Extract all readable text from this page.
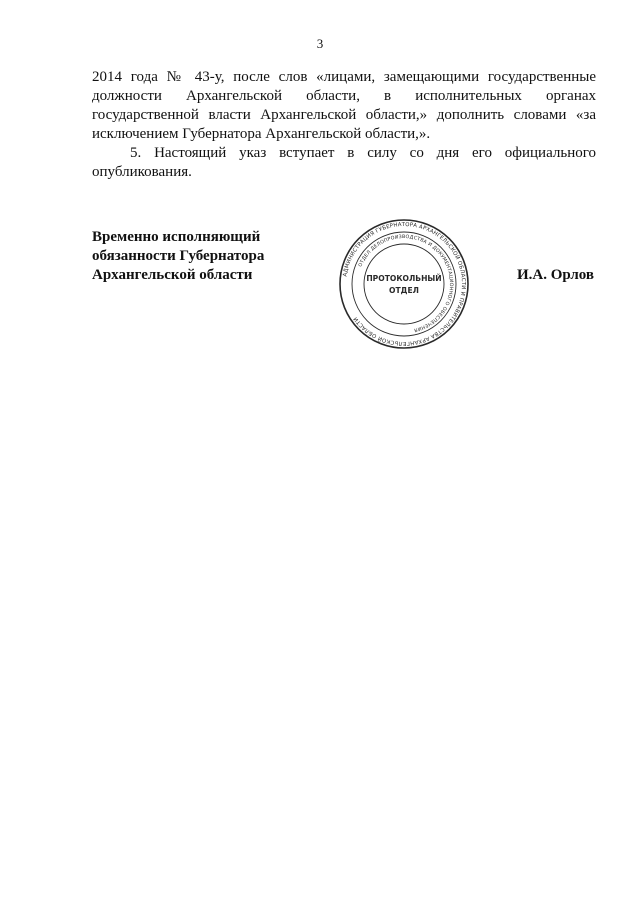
3

2014 года № 43-у, после слов «лицами, замещающими государственные должности Архангельской области, в исполнительных органах государственной власти Архангельской области,» дополнить словами «за исключением Губернатора Архангельской области,».

5. Настоящий указ вступает в силу со дня его официального опубликования.

Временно исполняющий
обязанности Губернатора
Архангельской области	АДМИНИСТРАЦИЯ ГУБЕРНАТОРА АРХАНГЕЛЬСКОЙ ОБЛАСТИ И ПРАВИТЕЛЬСТВА АРХАНГЕЛЬСКОЙ ОБЛАСТИ
ОТДЕЛ ДЕЛОПРОИЗВОДСТВА И ДОКУМЕНТАЦИОННОГО ОБЕСПЕЧЕНИЯ
ПРОТОКОЛЬНЫЙ
ОТДЕЛ
И.А. Орлов
